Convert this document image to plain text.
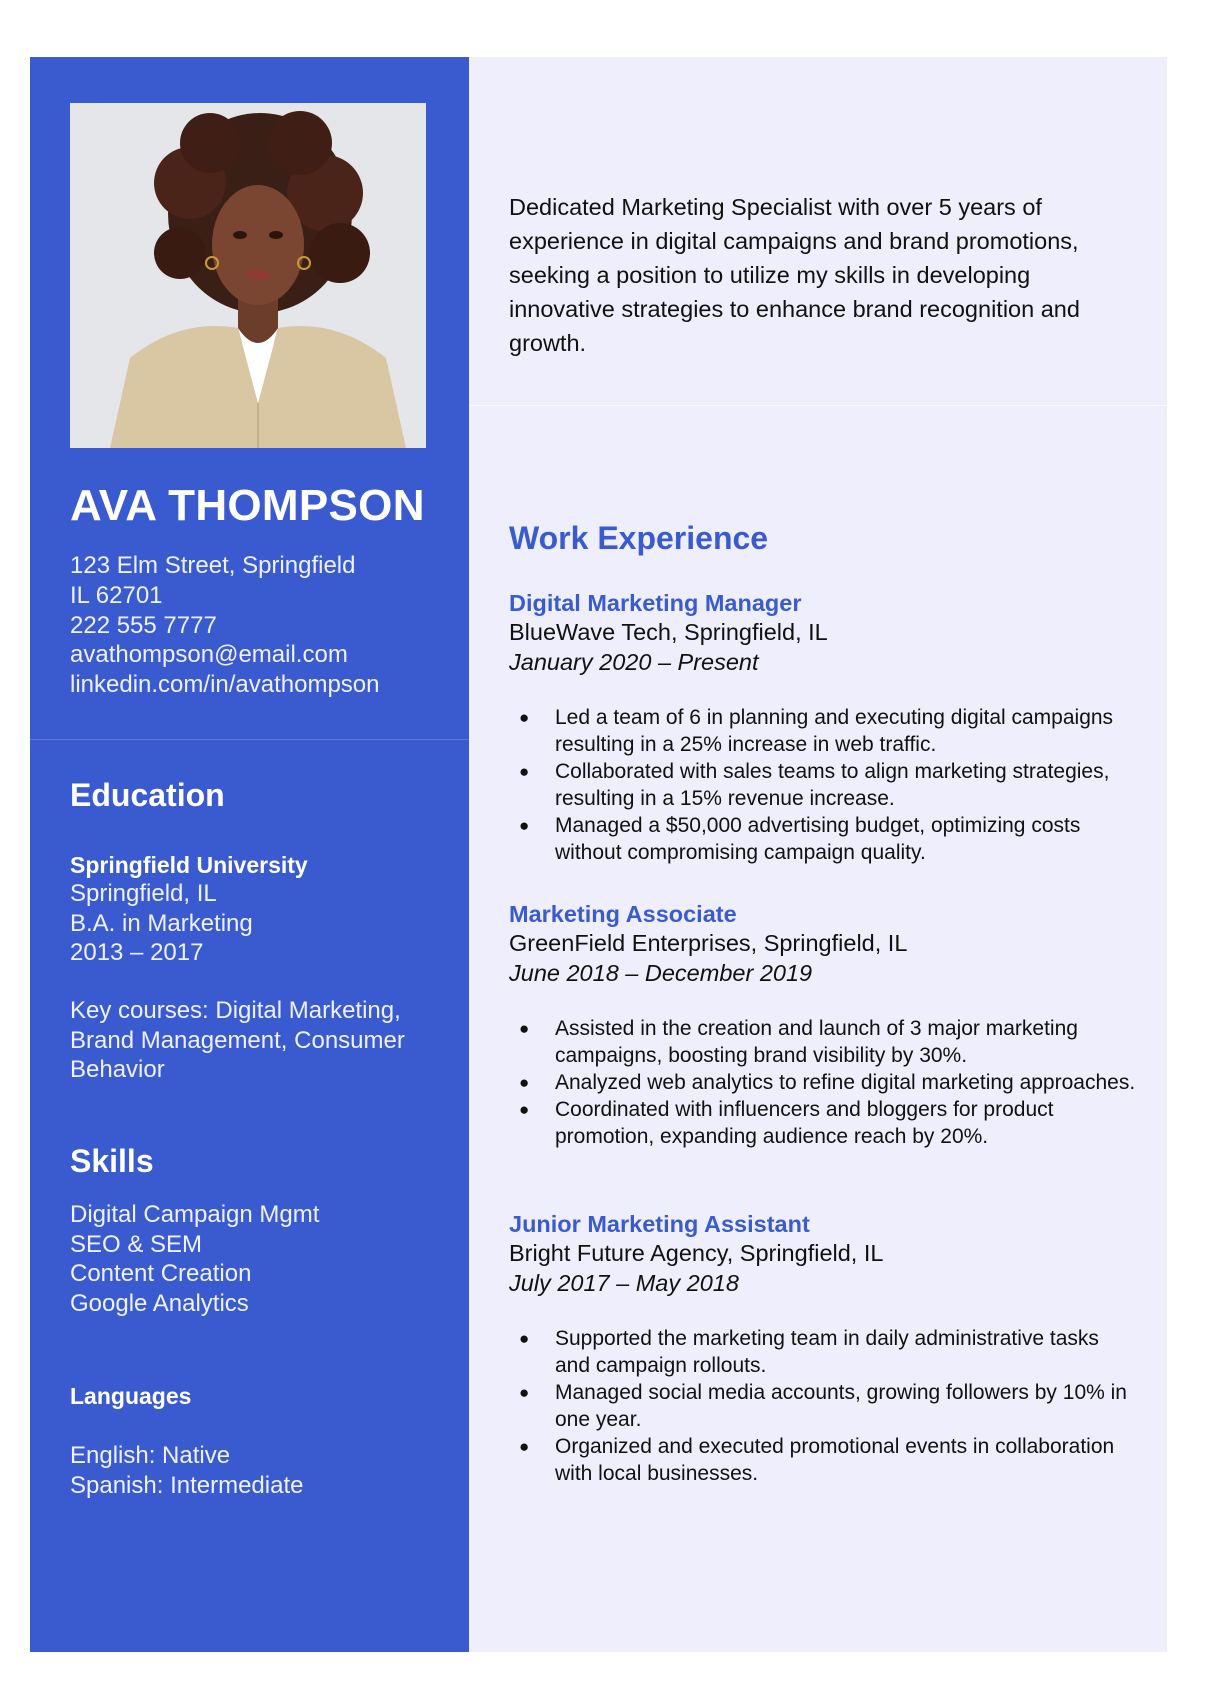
AVA THOMPSON
123 Elm Street, Springfield
IL 62701
222 555 7777
avathompson@email.com
linkedin.com/in/avathompson
Education
Springfield University
Springfield, IL
B.A. in Marketing
2013 – 2017
Key courses: Digital Marketing,
Brand Management, Consumer
Behavior
Skills
Digital Campaign Mgmt
SEO & SEM
Content Creation
Google Analytics
Languages
English: Native
Spanish: Intermediate

Dedicated Marketing Specialist with over 5 years of experience in digital campaigns and brand promotions, seeking a position to utilize my skills in developing innovative strategies to enhance brand recognition and growth.

Work Experience
Digital Marketing Manager
BlueWave Tech, Springfield, IL
January 2020 – Present
● Led a team of 6 in planning and executing digital campaigns resulting in a 25% increase in web traffic.
● Collaborated with sales teams to align marketing strategies, resulting in a 15% revenue increase.
● Managed a $50,000 advertising budget, optimizing costs without compromising campaign quality.
Marketing Associate
GreenField Enterprises, Springfield, IL
June 2018 – December 2019
● Assisted in the creation and launch of 3 major marketing campaigns, boosting brand visibility by 30%.
● Analyzed web analytics to refine digital marketing approaches.
● Coordinated with influencers and bloggers for product promotion, expanding audience reach by 20%.
Junior Marketing Assistant
Bright Future Agency, Springfield, IL
July 2017 – May 2018
● Supported the marketing team in daily administrative tasks and campaign rollouts.
● Managed social media accounts, growing followers by 10% in one year.
● Organized and executed promotional events in collaboration with local businesses.
